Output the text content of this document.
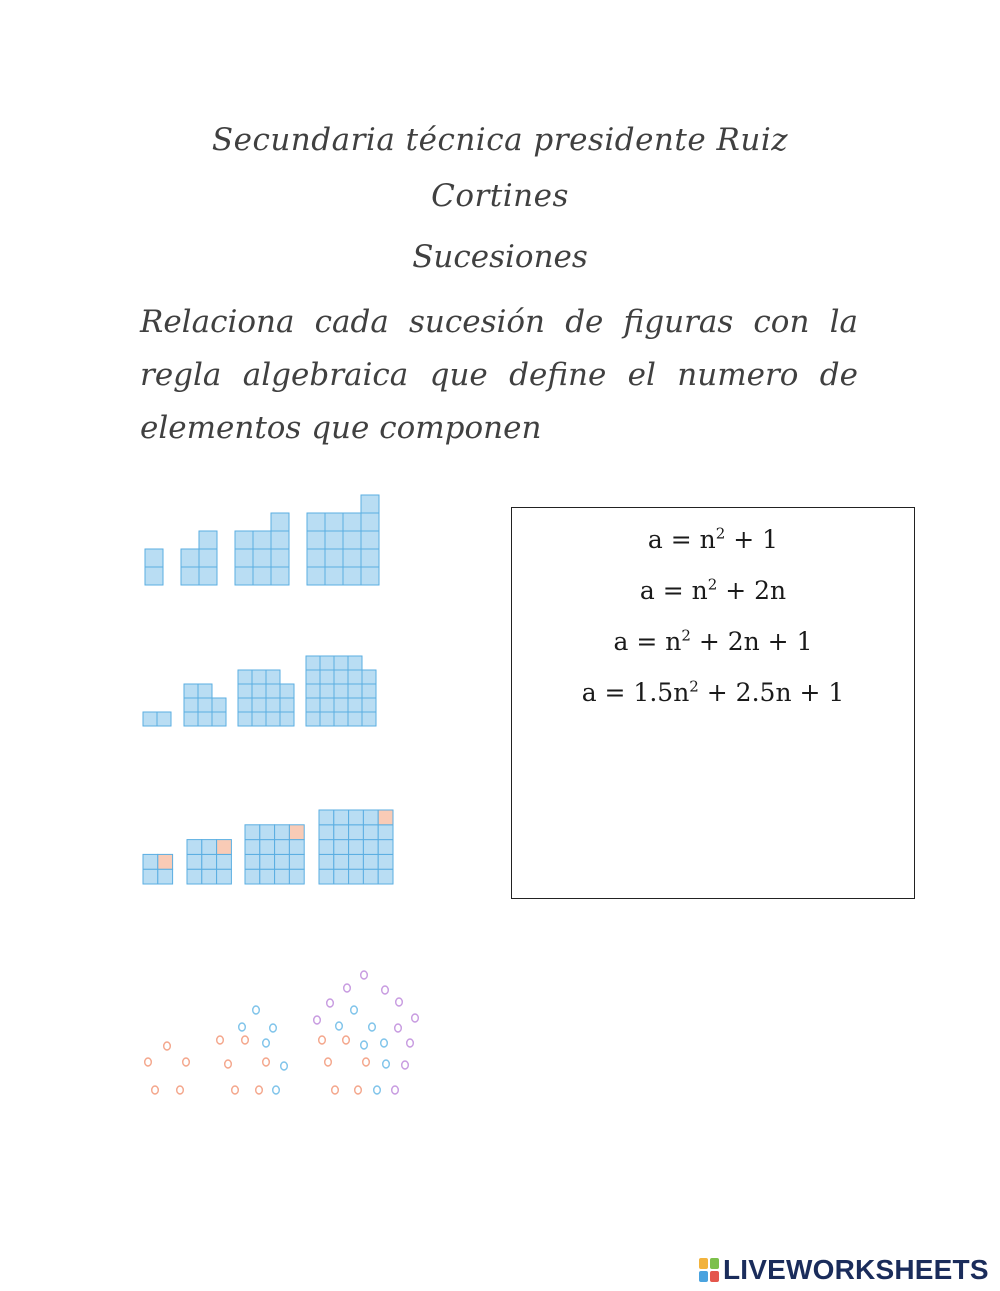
Secundaria técnica presidente Ruiz
Cortines
Sucesiones
Relaciona cada sucesión de figuras con la regla algebraica que define el numero de elementos que componen
$a = n^2 + 1$
$a = n^2 + 2n$
$a = n^2 + 2n + 1$
$a = 1.5n^2 + 2.5n + 1$
LIVEWORKSHEETS
